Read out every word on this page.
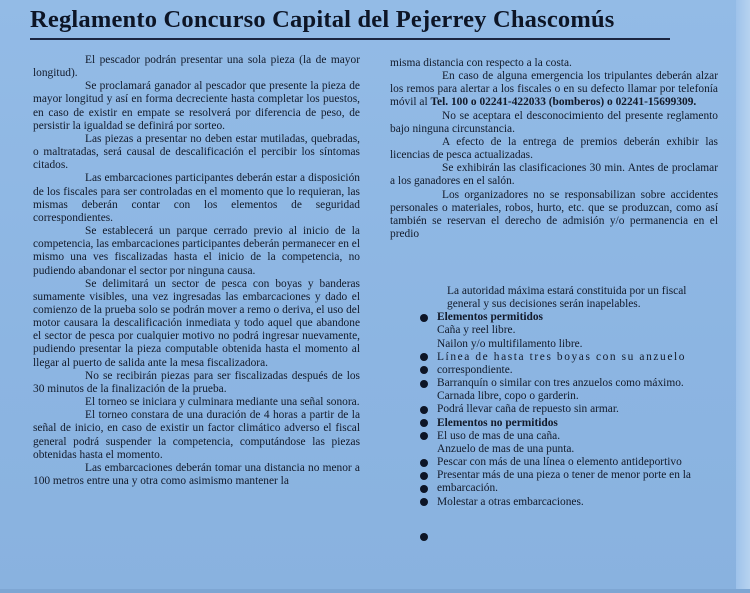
Reglamento Concurso Capital del Pejerrey Chascomús

El pescador podrán presentar una sola pieza (la de mayor longitud).

Se proclamará ganador al pescador que presente la pieza de mayor longitud y así en forma decreciente hasta completar los puestos, en caso de existir en empate se resolverá por diferencia de peso, de persistir la igualdad se definirá por sorteo.

Las piezas a presentar no deben estar mutiladas, quebradas, o maltratadas, será causal de descalificación el percibir los síntomas citados.

Las embarcaciones participantes deberán estar a disposición de los fiscales para ser controladas en el momento que lo requieran, las mismas deberán contar con los elementos de seguridad correspondientes.

Se establecerá un parque cerrado previo al inicio de la competencia, las embarcaciones participantes deberán permanecer en el mismo una ves fiscalizadas hasta el inicio de la competencia, no pudiendo abandonar el sector por ninguna causa.

Se delimitará un sector de pesca con boyas y banderas sumamente visibles, una vez ingresadas las embarcaciones y dado el comienzo de la prueba solo se podrán mover a remo o deriva, el uso del motor causara la descalificación inmediata y todo aquel que abandone el sector de pesca por cualquier motivo no podrá ingresar nuevamente, pudiendo presentar la pieza computable obtenida hasta el momento al llegar al puerto de salida ante la mesa fiscalizadora.

No se recibirán piezas para ser fiscalizadas después de los 30 minutos de la finalización de la prueba.

El torneo se iniciara y culminara mediante una señal sonora.

El torneo constara de una duración de 4 horas a partir de la señal de inicio, en caso de existir un factor climático adverso el fiscal general podrá suspender la competencia, computándose las piezas obtenidas hasta el momento.

Las embarcaciones deberán tomar una distancia no menor a 100 metros entre una y otra como asimismo mantener la

misma distancia con respecto a la costa.

En caso de alguna emergencia los tripulantes deberán alzar los remos para alertar a los fiscales o en su defecto llamar por telefonía móvil al Tel. 100 o 02241-422033 (bomberos) o 02241-15699309.

No se aceptara el desconocimiento del presente reglamento bajo ninguna circunstancia.

A efecto de la entrega de premios deberán exhibir las licencias de pesca actualizadas.

Se exhibirán las clasificaciones 30 min. Antes de proclamar a los ganadores en el salón.

Los organizadores no se responsabilizan sobre accidentes personales o materiales, robos, hurto, etc. que se produzcan, como así también se reservan el derecho de admisión y/o permanencia en el predio

La autoridad máxima estará constituida por un fiscal general y sus decisiones serán inapelables.
Elementos permitidos
Caña y reel libre.
Nailon y/o multifilamento libre.
Línea de hasta tres boyas con su anzuelo
correspondiente.
Barranquín o similar con tres anzuelos como máximo.
Carnada libre, copo o garderin.
Podrá llevar caña de repuesto sin armar.
Elementos no permitidos
El uso de mas de una caña.
Anzuelo de mas de una punta.
Pescar con más de una línea o elemento antideportivo
Presentar más de una pieza o tener de menor porte en la
embarcación.
Molestar a otras embarcaciones.
